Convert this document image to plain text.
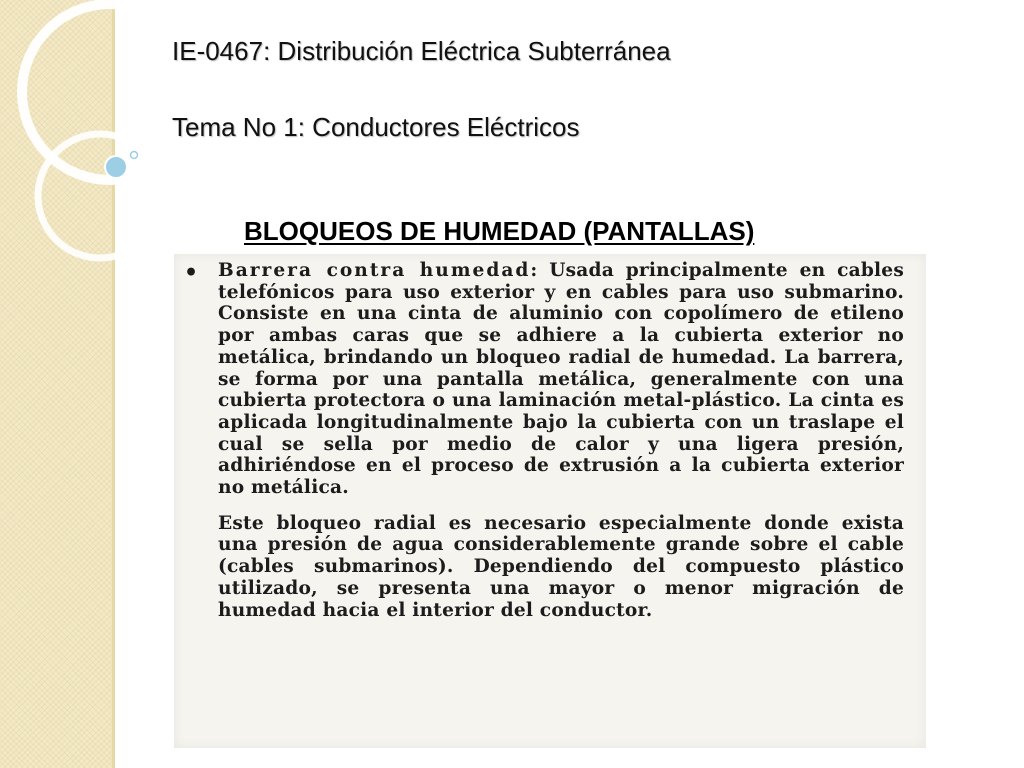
IE-0467: Distribución Eléctrica Subterránea
Tema No 1: Conductores Eléctricos
BLOQUEOS DE HUMEDAD (PANTALLAS)
•	Barrera contra humedad: Usada principalmente en cables telefónicos para uso exterior y en cables para uso submarino. Consiste en una cinta de aluminio con copolímero de etileno por ambas caras que se adhiere a la cubierta exterior no metálica, brindando un bloqueo radial de humedad. La barrera, se forma por una pantalla metálica, generalmente con una cubierta protectora o una laminación metal-plástico. La cinta es aplicada longitudinalmente bajo la cubierta con un traslape el cual se sella por medio de calor y una ligera presión, adhiriéndose en el proceso de extrusión a la cubierta exterior no metálica.

Este bloqueo radial es necesario especialmente donde exista una presión de agua considerablemente grande sobre el cable (cables submarinos). Dependiendo del compuesto plástico utilizado, se presenta una mayor o menor migración de humedad hacia el interior del conductor.
